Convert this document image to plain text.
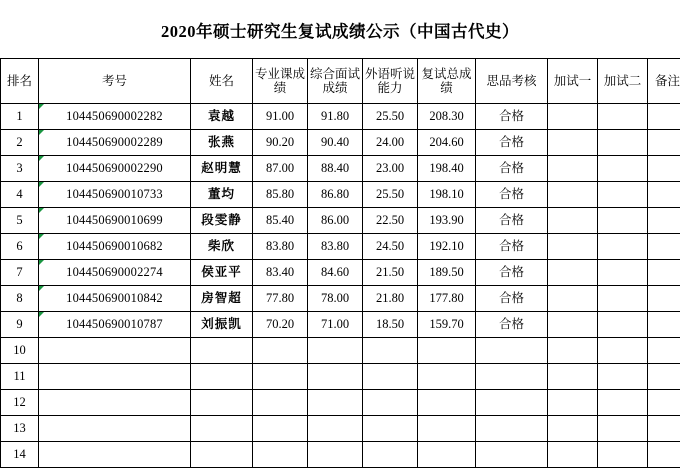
2020年硕士研究生复试成绩公示（中国古代史）
排名	考号	姓名	专业课成绩	综合面试成绩	外语听说能力	复试总成绩	思品考核	加试一	加试二	备注
1	104450690002282	袁越	91.00	91.80	25.50	208.30	合格			
2	104450690002289	张燕	90.20	90.40	24.00	204.60	合格			
3	104450690002290	赵明慧	87.00	88.40	23.00	198.40	合格			
4	104450690010733	董均	85.80	86.80	25.50	198.10	合格			
5	104450690010699	段雯静	85.40	86.00	22.50	193.90	合格			
6	104450690010682	柴欣	83.80	83.80	24.50	192.10	合格			
7	104450690002274	侯亚平	83.40	84.60	21.50	189.50	合格			
8	104450690010842	房智超	77.80	78.00	21.80	177.80	合格			
9	104450690010787	刘振凯	70.20	71.00	18.50	159.70	合格			
10										
11										
12										
13										
14										
